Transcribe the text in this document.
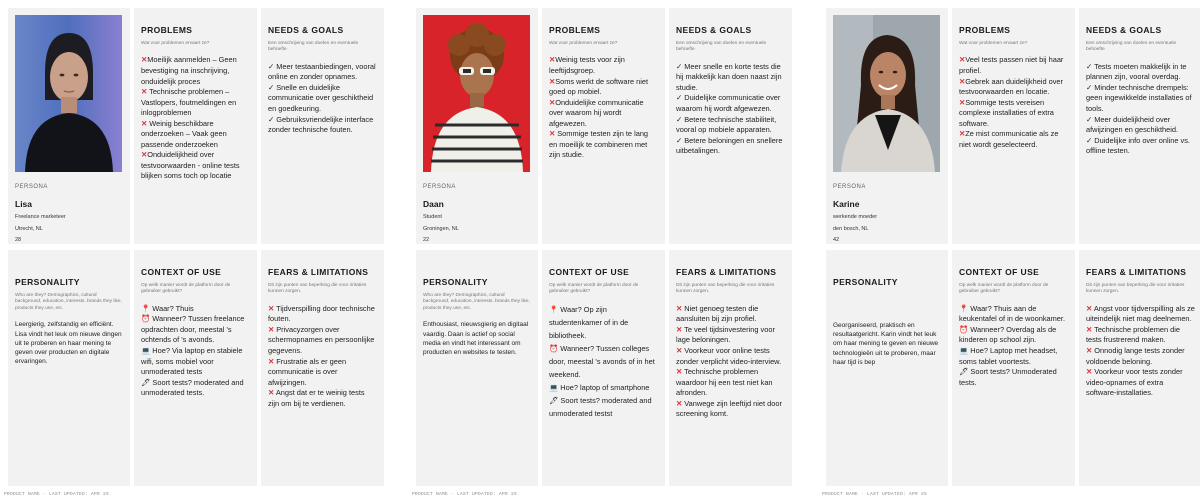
PERSONA
Lisa
Freelance marketeer
Utrecht, NL
28
PERSONALITY
Who are they? Demographics, cultural background, education, interests, brands they like, products they use, etc.
Leergierig, zelfstandig en efficiënt. Lisa vindt het leuk om nieuwe dingen uit te proberen en haar mening te geven over producten en digitale ervaringen.
PROBLEMS
Wat voor problemen ervaart ze?
✕Moeilijk aanmelden – Geen bevestiging na inschrijving, onduidelijk proces
✕ Technische problemen – Vastlopers, foutmeldingen en inlogproblemen
✕ Weinig beschikbare onderzoeken – Vaak geen passende onderzoeken
✕Onduidelijkheid over testvoorwaarden - online tests blijken soms toch op locatie
NEEDS & GOALS
Een omschrijving van doelen en eventuele behoefte
✓ Meer testaanbiedingen, vooral online en zonder opnames.
✓ Snelle en duidelijke communicatie over geschiktheid en goedkeuring.
✓ Gebruiksvriendelijke interface zonder technische fouten.
CONTEXT OF USE
Op welk manier wordt de platform door de gebruiker gebruikt?
📍 Waar? Thuis
⏰ Wanneer? Tussen freelance opdrachten door, meestal 's ochtends of 's avonds.
💻 Hoe? Via laptop en stabiele wifi, soms mobiel voor unmoderated tests
🖋 Soort tests? moderated and unmoderated tests.
FEARS & LIMITATIONS
Dit zijn punten van beperking die voor irritaties kunnen zorgen.
✕ Tijdverspilling door technische fouten.
✕ Privacyzorgen over schermopnames en persoonlijke gegevens.
✕ Frustratie als er geen communicatie is over afwijzingen.
✕ Angst dat er te weinig tests zijn om bij te verdienen.
PERSONA
Daan
Student
Groningen, NL
22
PERSONALITY
Who are they? Demographics, cultural background, education, interests, brands they like, products they use, etc.
Enthousiast, nieuwsgierig en digitaal vaardig. Daan is actief op social media en vindt het interessant om producten en websites te testen.
PROBLEMS
Wat voor problemen ervaart ze?
✕Weinig tests voor zijn leeftijdsgroep.
✕Soms werkt de software niet goed op mobiel.
✕Onduidelijke communicatie over waarom hij wordt afgewezen.
✕ Sommige testen zijn te lang en moeilijk te combineren met zijn studie.
NEEDS & GOALS
Een omschrijving van doelen en eventuele behoefte
✓ Meer snelle en korte tests die hij makkelijk kan doen naast zijn studie.
✓ Duidelijke communicatie over waarom hij wordt afgewezen.
✓ Betere technische stabiliteit, vooral op mobiele apparaten.
✓ Betere beloningen en snellere uitbetalingen.
CONTEXT OF USE
Op welk manier wordt de platform door de gebruiker gebruikt?
📍 Waar? Op zijn studentenkamer of in de bibliotheek.
⏰ Wanneer? Tussen colleges door, meestal 's avonds of in het weekend.
💻 Hoe? laptop of smartphone
🖋 Soort tests? moderated and unmoderated testst
FEARS & LIMITATIONS
Dit zijn punten van beperking die voor irritaties kunnen zorgen.
✕ Niet genoeg testen die aansluiten bij zijn profiel.
✕ Te veel tijdsinvestering voor lage beloningen.
✕ Voorkeur voor online tests zonder verplicht video-interview.
✕ Technische problemen waardoor hij een test niet kan afronden.
✕ Vanwege zijn leeftijd niet door screening komt.
PERSONA
Karine
werkende moeder
den bosch, NL
42
PERSONALITY
Georganiseerd, praktisch en resultaatgericht. Karin vindt het leuk om haar mening te geven en nieuwe technologieën uit te proberen, maar haar tijd is bep
PROBLEMS
Wat voor problemen ervaart ze?
✕Veel tests passen niet bij haar profiel.
✕Gebrek aan duidelijkheid over testvoorwaarden en locatie.
✕Sommige tests vereisen complexe installaties of extra software.
✕Ze mist communicatie als ze niet wordt geselecteerd.
NEEDS & GOALS
Een omschrijving van doelen en eventuele behoefte
✓ Tests moeten makkelijk in te plannen zijn, vooral overdag.
✓ Minder technische drempels: geen ingewikkelde installaties of tools.
✓ Meer duidelijkheid over afwijzingen en geschiktheid.
✓ Duidelijke info over online vs. offline testen.
CONTEXT OF USE
Op welk manier wordt de platform door de gebruiker gebruikt?
📍 Waar? Thuis aan de keukentafel of in de woonkamer.
⏰ Wanneer? Overdag als de kinderen op school zijn.
💻 Hoe? Laptop met headset, soms tablet voortests.
🖋 Soort tests? Unmoderated tests.
FEARS & LIMITATIONS
Dit zijn punten van beperking die voor irritaties kunnen zorgen.
✕ Angst voor tijdverspilling als ze uiteindelijk niet mag deelnemen.
✕ Technische problemen die tests frustrerend maken.
✕ Onnodig lange tests zonder voldoende beloning.
✕ Voorkeur voor tests zonder video-opnames of extra software-installaties.
PRODUCT NAME · LAST UPDATED: APR 25	PRODUCT NAME · LAST UPDATED: APR 25	PRODUCT NAME · LAST UPDATED: APR 25
